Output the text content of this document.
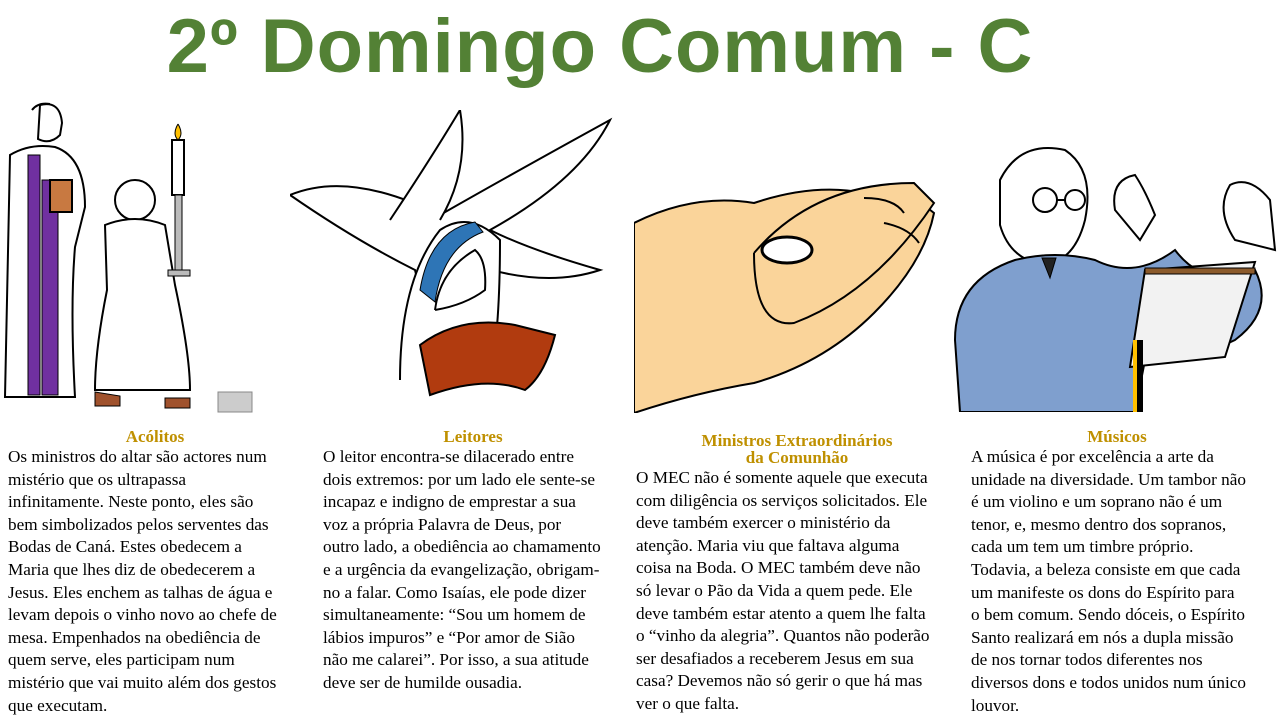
2º Domingo Comum - C
Acólitos
Os ministros do altar são actores num
mistério que os ultrapassa
infinitamente. Neste ponto, eles são
bem simbolizados pelos serventes das
Bodas de Caná. Estes obedecem a
Maria que lhes diz de obedecerem a
Jesus. Eles enchem as talhas de água e
levam depois o vinho novo ao chefe de
mesa. Empenhados na obediência de
quem serve, eles participam num
mistério que vai muito além dos gestos
que executam.
Leitores
O leitor encontra-se dilacerado entre
dois extremos: por um lado ele sente-se
incapaz e indigno de emprestar a sua
voz a própria Palavra de Deus, por
outro lado, a obediência ao chamamento
e a urgência da evangelização, obrigam-
no a falar. Como Isaías, ele pode dizer
simultaneamente: “Sou um homem de
lábios impuros” e “Por amor de Sião
não me calarei”. Por isso, a sua atitude
deve ser de humilde ousadia.
Ministros Extraordinários
da Comunhão
O MEC não é somente aquele que executa
com diligência os serviços solicitados. Ele
deve também exercer o ministério da
atenção. Maria viu que faltava alguma
coisa na Boda. O MEC também deve não
só levar o Pão da Vida a quem pede. Ele
deve também estar atento a quem lhe falta
o “vinho da alegria”. Quantos não poderão
ser desafiados a receberem Jesus em sua
casa? Devemos não só gerir o que há mas
ver o que falta.
Músicos
A música é por excelência a arte da
unidade na diversidade. Um tambor não
é um violino e um soprano não é um
tenor, e, mesmo dentro dos sopranos,
cada um tem um timbre próprio.
Todavia, a beleza consiste em que cada
um manifeste os dons do Espírito para
o bem comum. Sendo dóceis, o Espírito
Santo realizará em nós a dupla missão
de nos tornar todos diferentes nos
diversos dons e todos unidos num único
louvor.
